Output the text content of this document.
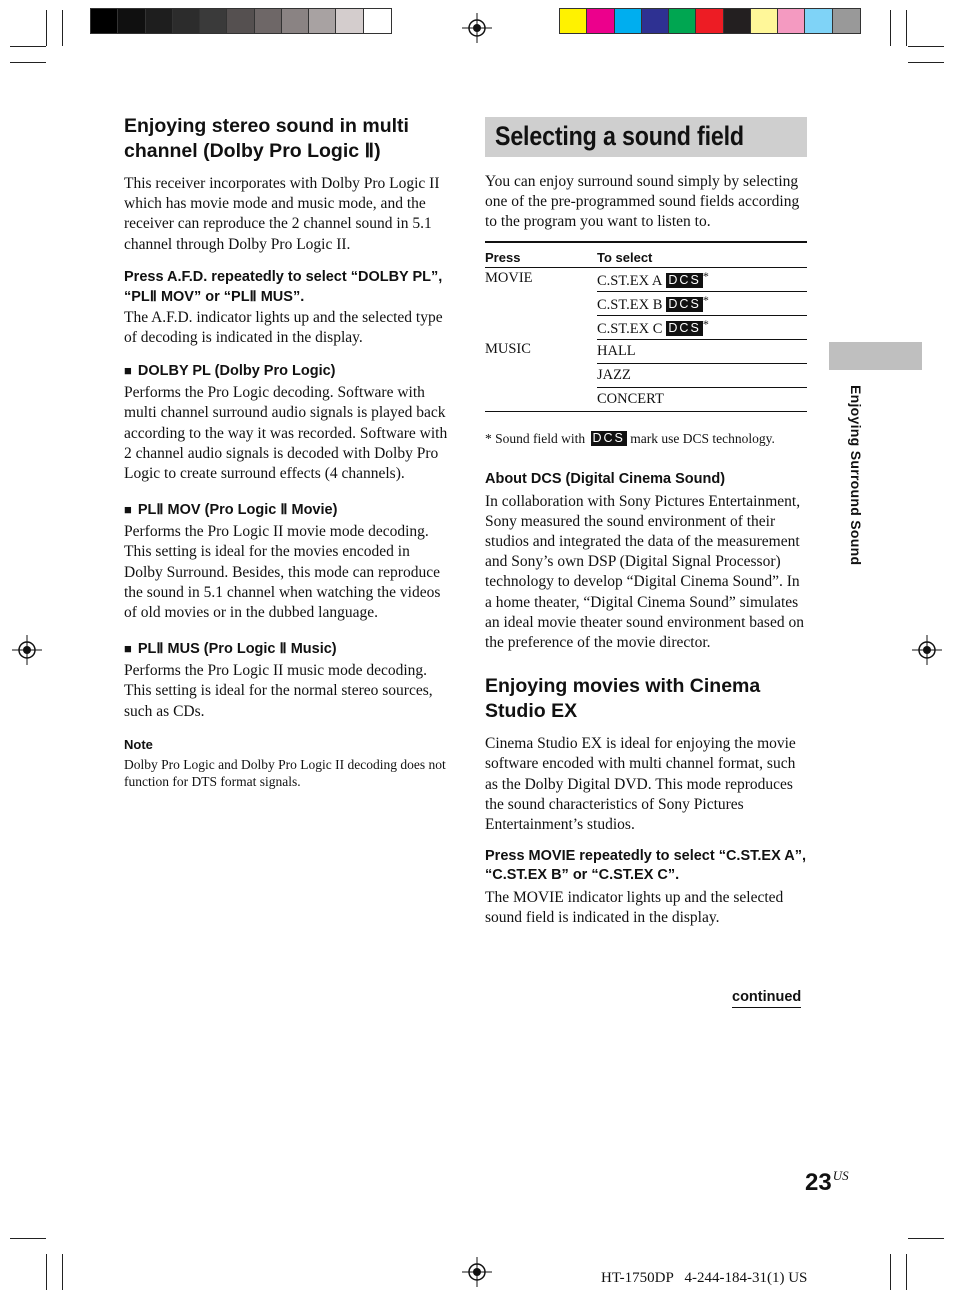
Enjoying stereo sound in multi channel (Dolby Pro Logic Ⅱ)

This receiver incorporates with Dolby Pro Logic II which has movie mode and music mode, and the receiver can reproduce the 2 channel sound in 5.1 channel through Dolby Pro Logic II.

Press A.F.D. repeatedly to select “DOLBY PL”, “PLⅡ MOV” or “PLⅡ MUS”.

The A.F.D. indicator lights up and the selected type of decoding is indicated in the display.

■ DOLBY PL (Dolby Pro Logic)

Performs the Pro Logic decoding. Software with multi channel surround audio signals is played back according to the way it was recorded. Software with 2 channel audio signals is decoded with Dolby Pro Logic to create surround effects (4 channels).

■ PLⅡ MOV (Pro Logic Ⅱ Movie)

Performs the Pro Logic II movie mode decoding. This setting is ideal for the movies encoded in Dolby Surround. Besides, this mode can reproduce the sound in 5.1 channel when watching the videos of old movies or in the dubbed language.

■ PLⅡ MUS (Pro Logic Ⅱ Music)

Performs the Pro Logic II music mode decoding. This setting is ideal for the normal stereo sources, such as CDs.

Note

Dolby Pro Logic and Dolby Pro Logic II decoding does not function for DTS format signals.

Selecting a sound field

You can enjoy surround sound simply by selecting one of the pre-programmed sound fields according to the program you want to listen to.

Press	To select
MOVIE	C.ST.EX A DCS *
	C.ST.EX B DCS *
	C.ST.EX C DCS *
MUSIC	HALL
	JAZZ
	CONCERT

* Sound field with DCS mark use DCS technology.

About DCS (Digital Cinema Sound)

In collaboration with Sony Pictures Entertainment, Sony measured the sound environment of their studios and integrated the data of the measurement and Sony’s own DSP (Digital Signal Processor) technology to develop “Digital Cinema Sound”. In a home theater, “Digital Cinema Sound” simulates an ideal movie theater sound environment based on the preference of the movie director.

Enjoying movies with Cinema Studio EX

Cinema Studio EX is ideal for enjoying the movie software encoded with multi channel format, such as the Dolby Digital DVD. This mode reproduces the sound characteristics of Sony Pictures Entertainment’s studios.

Press MOVIE repeatedly to select “C.ST.EX A”, “C.ST.EX B” or “C.ST.EX C”.

The MOVIE indicator lights up and the selected sound field is indicated in the display.

continued
Enjoying Surround Sound
$23^{US}$
HT-1750DP   4-244-184-31(1) US
